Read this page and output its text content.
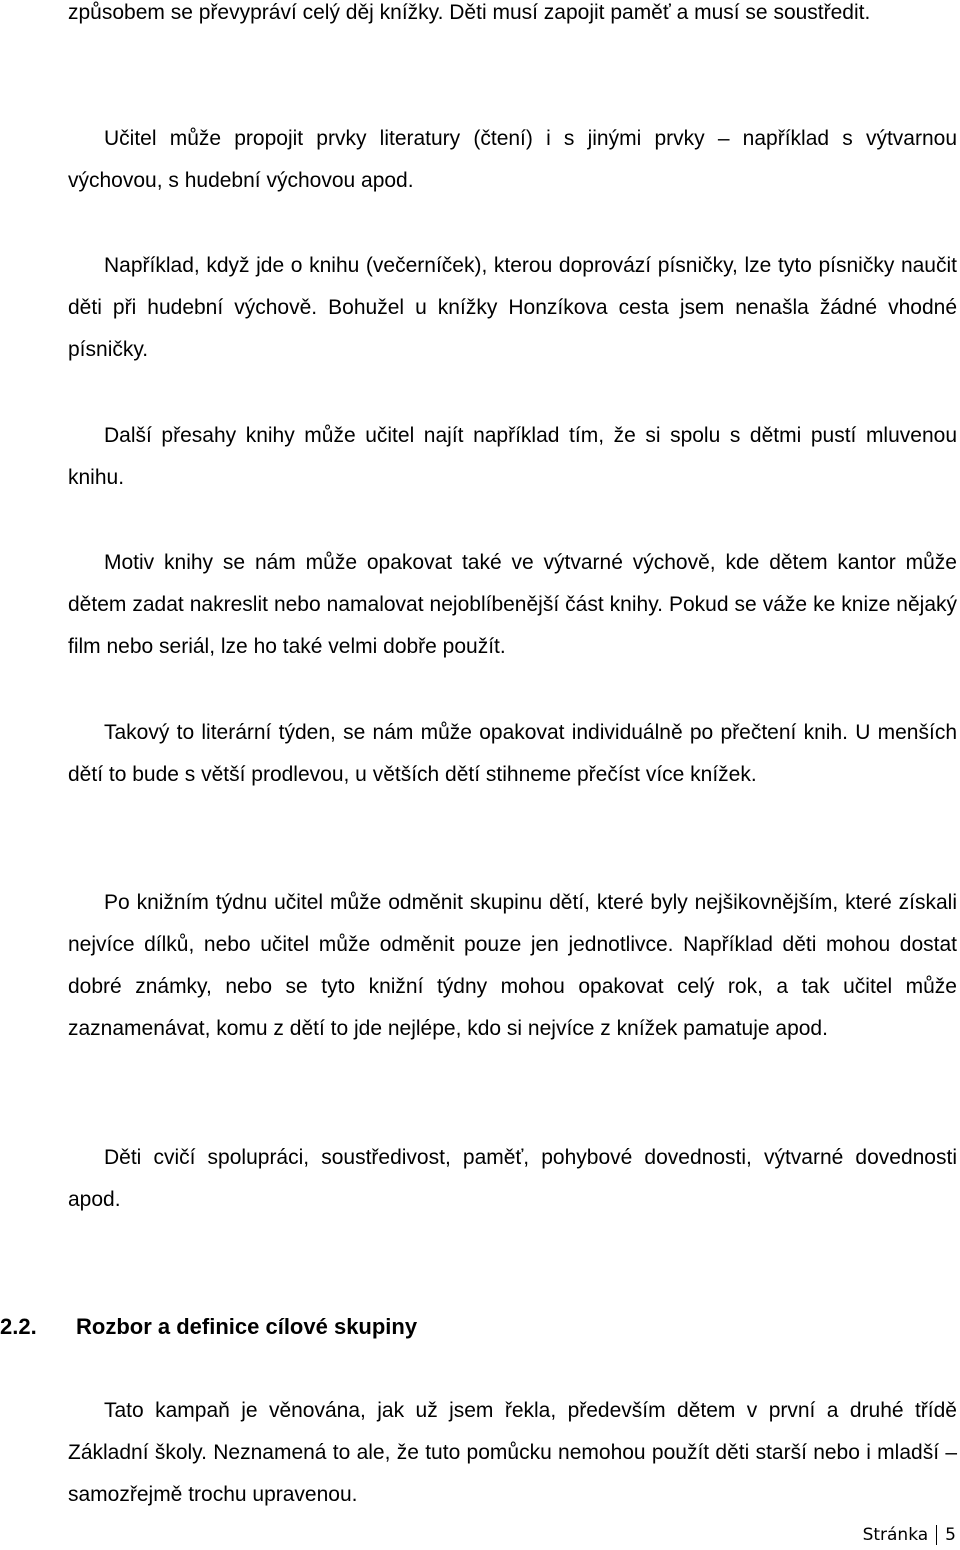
způsobem se převypráví celý děj knížky. Děti musí zapojit paměť a musí se soustředit.

Učitel může propojit prvky literatury (čtení) i s jinými prvky – například s výtvarnou výchovou, s hudební výchovou apod.

Například, když jde o knihu (večerníček), kterou doprovází písničky, lze tyto písničky naučit děti při hudební výchově. Bohužel u knížky Honzíkova cesta jsem nenašla žádné vhodné písničky.

Další přesahy knihy může učitel najít například tím, že si spolu s dětmi pustí mluvenou knihu.

Motiv knihy se nám může opakovat také ve výtvarné výchově, kde dětem kantor může dětem zadat nakreslit nebo namalovat nejoblíbenější část knihy. Pokud se váže ke knize nějaký film nebo seriál, lze ho také velmi dobře použít.

Takový to literární týden, se nám může opakovat individuálně po přečtení knih. U menších dětí to bude s větší prodlevou, u větších dětí stihneme přečíst více knížek.

Po knižním týdnu učitel může odměnit skupinu dětí, které byly nejšikovnějším, které získali nejvíce dílků, nebo učitel může odměnit pouze jen jednotlivce. Například děti mohou dostat dobré známky, nebo se tyto knižní týdny mohou opakovat celý rok, a tak učitel může zaznamenávat, komu z dětí to jde nejlépe, kdo si nejvíce z knížek pamatuje apod.

Děti cvičí spolupráci, soustředivost, paměť, pohybové dovednosti, výtvarné dovednosti apod.

2.2. Rozbor a definice cílové skupiny

Tato kampaň je věnována, jak už jsem řekla, především dětem v první a druhé třídě Základní školy. Neznamená to ale, že tuto pomůcku nemohou použít děti starší nebo i mladší – samozřejmě trochu upravenou.

Stránka 5
